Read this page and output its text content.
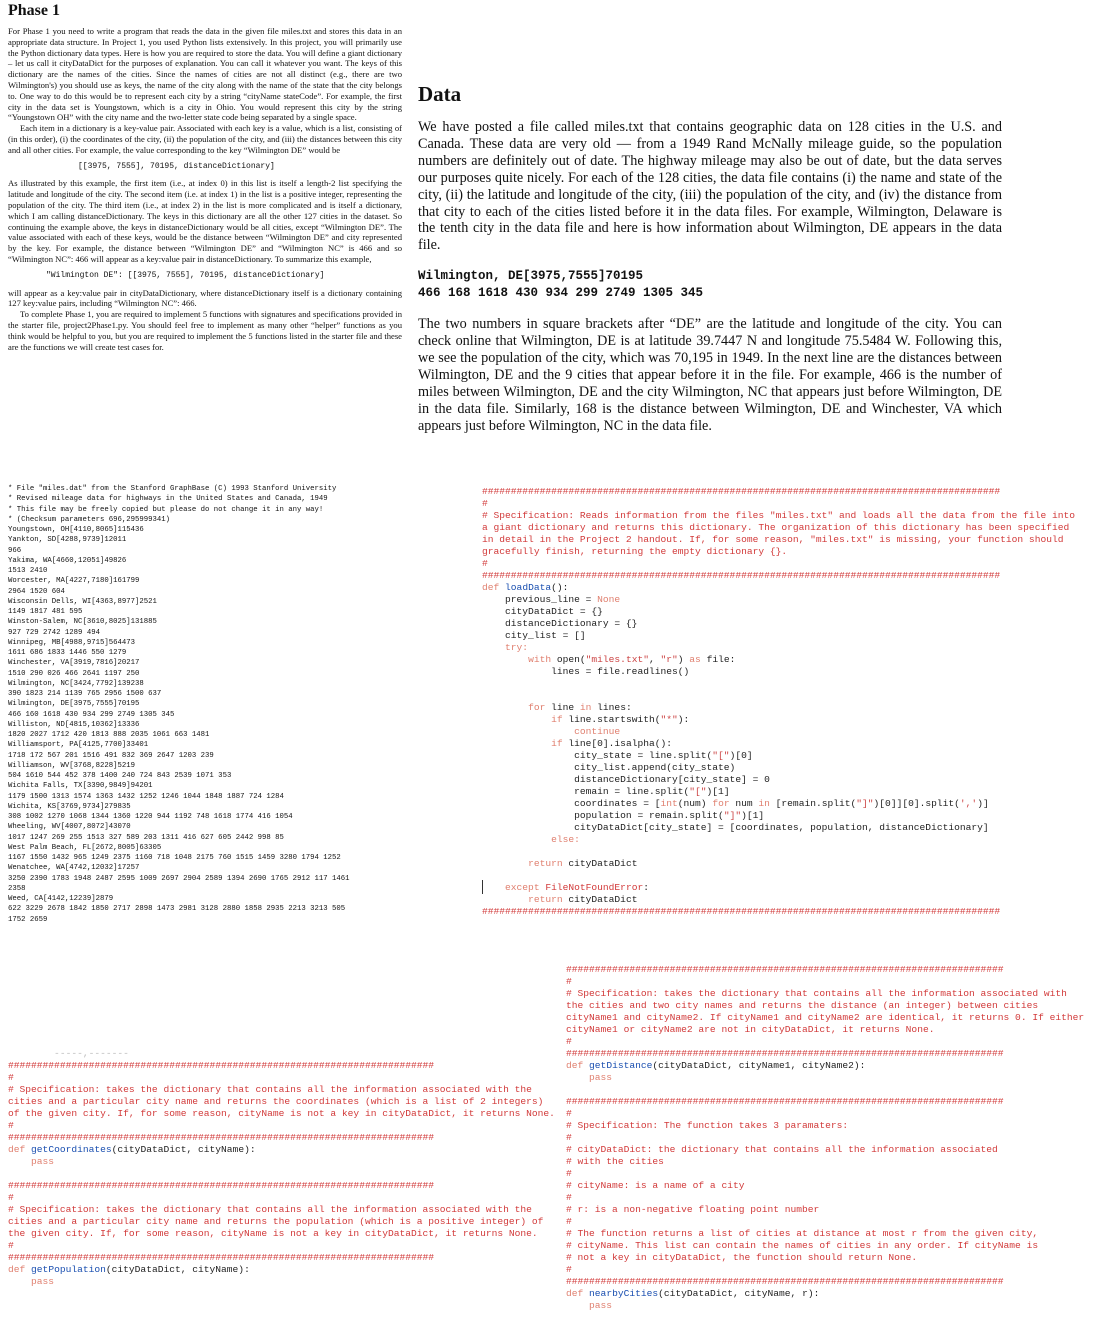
Phase 1

For Phase 1 you need to write a program that reads the data in the given file miles.txt and stores this data in an appropriate data structure. In Project 1, you used Python lists extensively. In this project, you will primarily use the Python dictionary data types. Here is how you are required to store the data. You will define a giant dictionary – let us call it cityDataDict for the purposes of explanation. You can call it whatever you want. The keys of this dictionary are the names of the cities. Since the names of cities are not all distinct (e.g., there are two Wilmington's) you should use as keys, the name of the city along with the name of the state that the city belongs to. One way to do this would be to represent each city by a string “cityName stateCode”. For example, the first city in the data set is Youngstown, which is a city in Ohio. You would represent this city by the string “Youngstown OH” with the city name and the two-letter state code being separated by a single space.

Each item in a dictionary is a key-value pair. Associated with each key is a value, which is a list, consisting of (in this order), (i) the coordinates of the city, (ii) the population of the city, and (iii) the distances between this city and all other cities. For example, the value corresponding to the key “Wilmington DE” would be

[[3975, 7555], 70195, distanceDictionary]

As illustrated by this example, the first item (i.e., at index 0) in this list is itself a length-2 list specifying the latitude and longitude of the city. The second item (i.e. at index 1) in the list is a positive integer, representing the population of the city. The third item (i.e., at index 2) in the list is more complicated and is itself a dictionary, which I am calling distanceDictionary. The keys in this dictionary are all the other 127 cities in the dataset. So continuing the example above, the keys in distanceDictionary would be all cities, except “Wilmington DE”. The value associated with each of these keys, would be the distance between “Wilmington DE” and city represented by the key. For example, the distance between “Wilmington DE” and “Wilmington NC” is 466 and so “Wilmington NC”: 466 will appear as a key:value pair in distanceDictionary. To summarize this example,

"Wilmington DE": [[3975, 7555], 70195, distanceDictionary]

will appear as a key:value pair in cityDataDictionary, where distanceDictionary itself is a dictionary containing 127 key:value pairs, including “Wilmington NC”: 466.

To complete Phase 1, you are required to implement 5 functions with signatures and specifications provided in the starter file, project2Phase1.py. You should feel free to implement as many other “helper” functions as you think would be helpful to you, but you are required to implement the 5 functions listed in the starter file and these are the functions we will create test cases for.

Data

We have posted a file called miles.txt that contains geographic data on 128 cities in the U.S. and Canada. These data are very old — from a 1949 Rand McNally mileage guide, so the population numbers are definitely out of date. The highway mileage may also be out of date, but the data serves our purposes quite nicely. For each of the 128 cities, the data file contains (i) the name and state of the city, (ii) the latitude and longitude of the city, (iii) the population of the city, and (iv) the distance from that city to each of the cities listed before it in the data files. For example, Wilmington, Delaware is the tenth city in the data file and here is how information about Wilmington, DE appears in the data file.

Wilmington, DE[3975,7555]70195
466 168 1618 430 934 299 2749 1305 345

The two numbers in square brackets after “DE” are the latitude and longitude of the city. You can check online that Wilmington, DE is at latitude 39.7447 N and longitude 75.5484 W. Following this, we see the population of the city, which was 70,195 in 1949. In the next line are the distances between Wilmington, DE and the 9 cities that appear before it in the file. For example, 466 is the number of miles between Wilmington, DE and the city Wilmington, NC that appears just before Wilmington, DE in the data file. Similarly, 168 is the distance between Wilmington, DE and Winchester, VA which appears just before Wilmington, NC in the data file.

* File "miles.dat" from the Stanford GraphBase (C) 1993 Stanford University
* Revised mileage data for highways in the United States and Canada, 1949
* This file may be freely copied but please do not change it in any way!
* (Checksum parameters 696,295999341)
Youngstown, OH[4110,8065]115436
Yankton, SD[4288,9739]12011
966
Yakima, WA[4660,12051]49826
1513 2410
Worcester, MA[4227,7180]161799
2964 1520 604
Wisconsin Dells, WI[4363,8977]2521
1149 1817 481 595
Winston-Salem, NC[3610,8025]131885
927 729 2742 1289 494
Winnipeg, MB[4988,9715]564473
1611 686 1833 1446 550 1279
Winchester, VA[3919,7816]20217
1510 290 026 466 2641 1197 250
Wilmington, NC[3424,7792]139238
390 1823 214 1139 765 2956 1500 637
Wilmington, DE[3975,7555]70195
466 160 1618 430 934 299 2749 1305 345
Williston, ND[4815,10362]13336
1820 2027 1712 420 1813 888 2035 1061 663 1481
Williamsport, PA[4125,7700]33401
1718 172 567 201 1516 491 832 369 2647 1203 239
Williamson, WV[3768,8228]5219
504 1610 544 452 378 1400 240 724 843 2539 1071 353
Wichita Falls, TX[3390,9849]94201
1179 1500 1313 1574 1363 1432 1252 1246 1044 1848 1887 724 1284
Wichita, KS[3769,9734]279835
308 1002 1270 1068 1344 1360 1220 944 1192 748 1618 1774 416 1054
Wheeling, WV[4007,8072]43070
1017 1247 269 255 1513 327 589 203 1311 416 627 605 2442 998 85
West Palm Beach, FL[2672,8005]63305
1167 1550 1432 965 1249 2375 1160 718 1048 2175 760 1515 1459 3280 1794 1252
Wenatchee, WA[4742,12032]17257
3250 2390 1783 1948 2487 2595 1009 2697 2904 2589 1394 2690 1765 2912 117 1461
2358
Weed, CA[4142,12239]2879
622 3229 2678 1842 1850 2717 2898 1473 2981 3128 2880 1858 2935 2213 3213 505
1752 2659

##########################################################################################
#
# Specification: Reads information from the files "miles.txt" and loads all the data from the file into a giant dictionary and returns this dictionary. The organization of this dictionary has been specified in detail in the Project 2 handout. If, for some reason, "miles.txt" is missing, your function should gracefully finish, returning the empty dictionary {}.
#
##########################################################################################
def loadData():
previous_line = None
cityDataDict = {}
distanceDictionary = {}
city_list = []
try:
with open("miles.txt", "r") as file:
lines = file.readlines()

for line in lines:
if line.startswith("*"):
continue
if line[0].isalpha():
city_state = line.split("[")[0]
city_list.append(city_state)
distanceDictionary[city_state] = 0
remain = line.split("[")[1]
coordinates = [int(num) for num in [remain.split("]")[0]][0].split(',')]
population = remain.split("]")[1]
cityDataDict[city_state] = [coordinates, population, distanceDictionary]
else:

return cityDataDict

except FileNotFoundError:
return cityDataDict
##########################################################################################

############################################################################
#
# Specification: takes the dictionary that contains all the information associated with the cities and two city names and returns the distance (an integer) between cities cityName1 and cityName2. If cityName1 and cityName2 are identical, it returns 0. If either cityName1 or cityName2 are not in cityDataDict, it returns None.
#
############################################################################
def getDistance(cityDataDict, cityName1, cityName2):
pass

############################################################################
#
# Specification: The function takes 3 paramaters:
#
# cityDataDict: the dictionary that contains all the information associated
# with the cities
#
# cityName: is a name of a city
#
# r: is a non-negative floating point number
#
# The function returns a list of cities at distance at most r from the given city,
# cityName. This list can contain the names of cities in any order. If cityName is
# not a key in cityDataDict, the function should return None.
#
############################################################################
def nearbyCities(cityDataDict, cityName, r):
pass

-----,-------
##########################################################################
#
# Specification: takes the dictionary that contains all the information associated with the cities and a particular city name and returns the coordinates (which is a list of 2 integers) of the given city. If, for some reason, cityName is not a key in cityDataDict, it returns None.
#
##########################################################################
def getCoordinates(cityDataDict, cityName):
pass

##########################################################################
#
# Specification: takes the dictionary that contains all the information associated with the cities and a particular city name and returns the population (which is a positive integer) of the given city. If, for some reason, cityName is not a key in cityDataDict, it returns None.
#
##########################################################################
def getPopulation(cityDataDict, cityName):
pass
